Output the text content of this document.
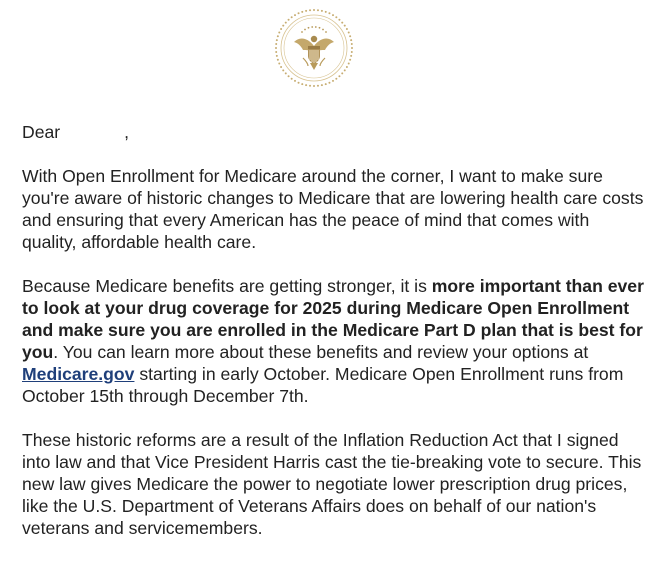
Dear	,

With Open Enrollment for Medicare around the corner, I want to make sure you're aware of historic changes to Medicare that are lowering health care costs and ensuring that every American has the peace of mind that comes with quality, affordable health care.

Because Medicare benefits are getting stronger, it is more important than ever to look at your drug coverage for 2025 during Medicare Open Enrollment and make sure you are enrolled in the Medicare Part D plan that is best for you. You can learn more about these benefits and review your options at Medicare.gov starting in early October. Medicare Open Enrollment runs from October 15th through December 7th.

These historic reforms are a result of the Inflation Reduction Act that I signed into law and that Vice President Harris cast the tie-breaking vote to secure. This new law gives Medicare the power to negotiate lower prescription drug prices, like the U.S. Department of Veterans Affairs does on behalf of our nation's veterans and servicemembers.
